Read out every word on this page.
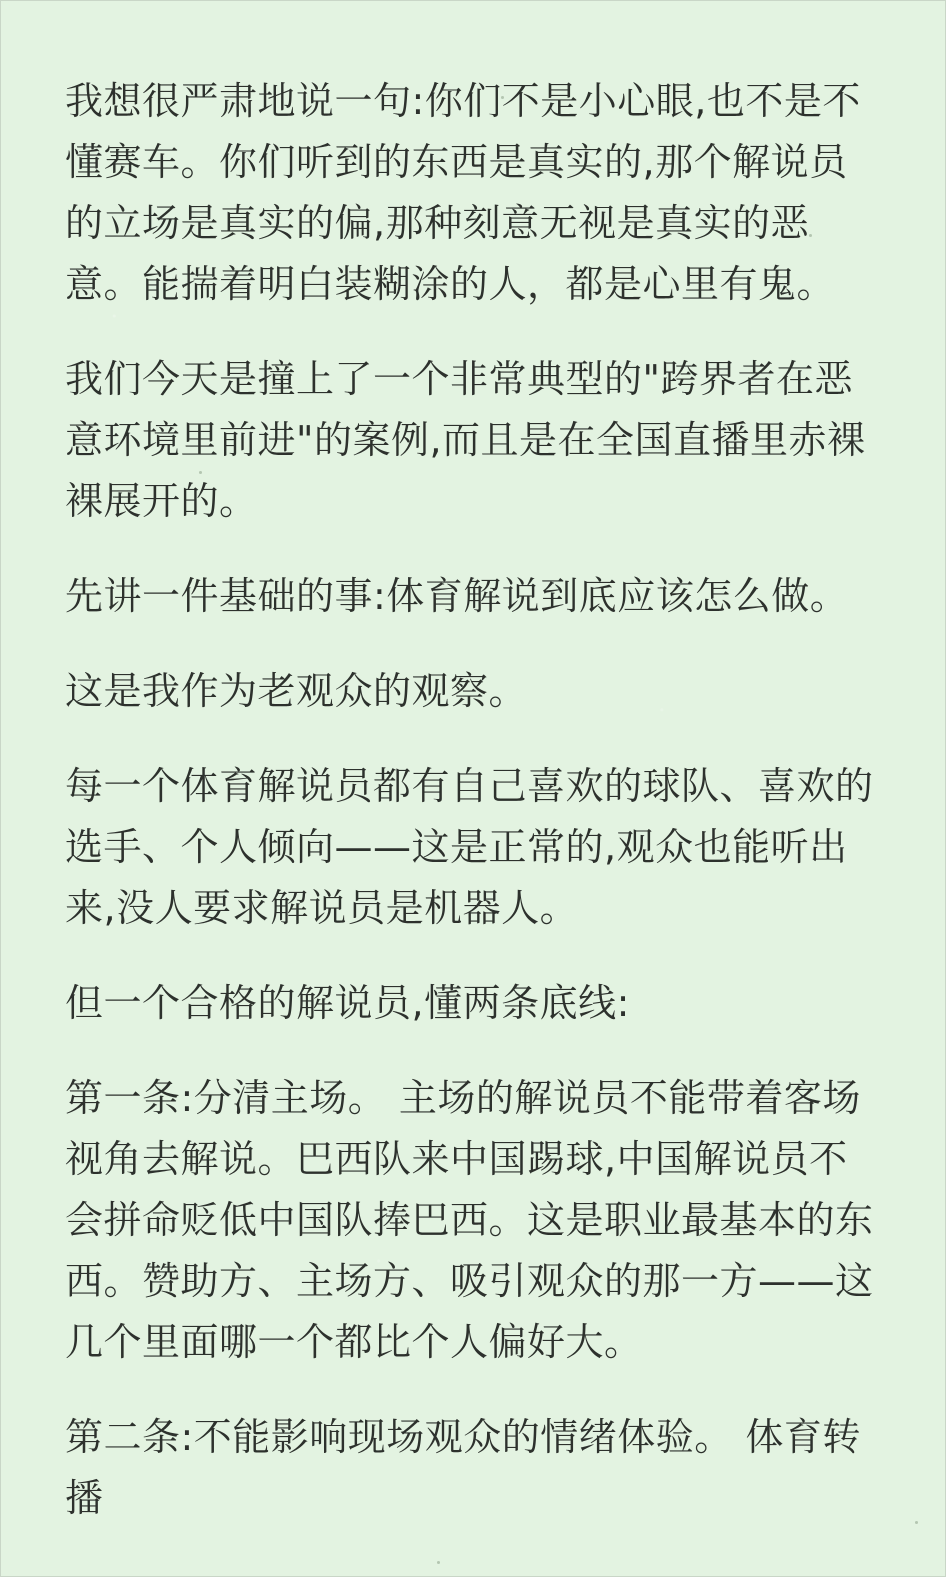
我想很严肃地说一句:你们不是小心眼,也不是不懂赛车。你们听到的东西是真实的,那个解说员的立场是真实的偏,那种刻意无视是真实的恶意。能揣着明白装糊涂的人，都是心里有鬼。

我们今天是撞上了一个非常典型的"跨界者在恶意环境里前进"的案例,而且是在全国直播里赤裸裸展开的。

先讲一件基础的事:体育解说到底应该怎么做。

这是我作为老观众的观察。

每一个体育解说员都有自己喜欢的球队、喜欢的选手、个人倾向——这是正常的,观众也能听出来,没人要求解说员是机器人。

但一个合格的解说员,懂两条底线:

第一条:分清主场。 主场的解说员不能带着客场视角去解说。巴西队来中国踢球,中国解说员不会拼命贬低中国队捧巴西。这是职业最基本的东西。赞助方、主场方、吸引观众的那一方——这几个里面哪一个都比个人偏好大。

第二条:不能影响现场观众的情绪体验。 体育转播
